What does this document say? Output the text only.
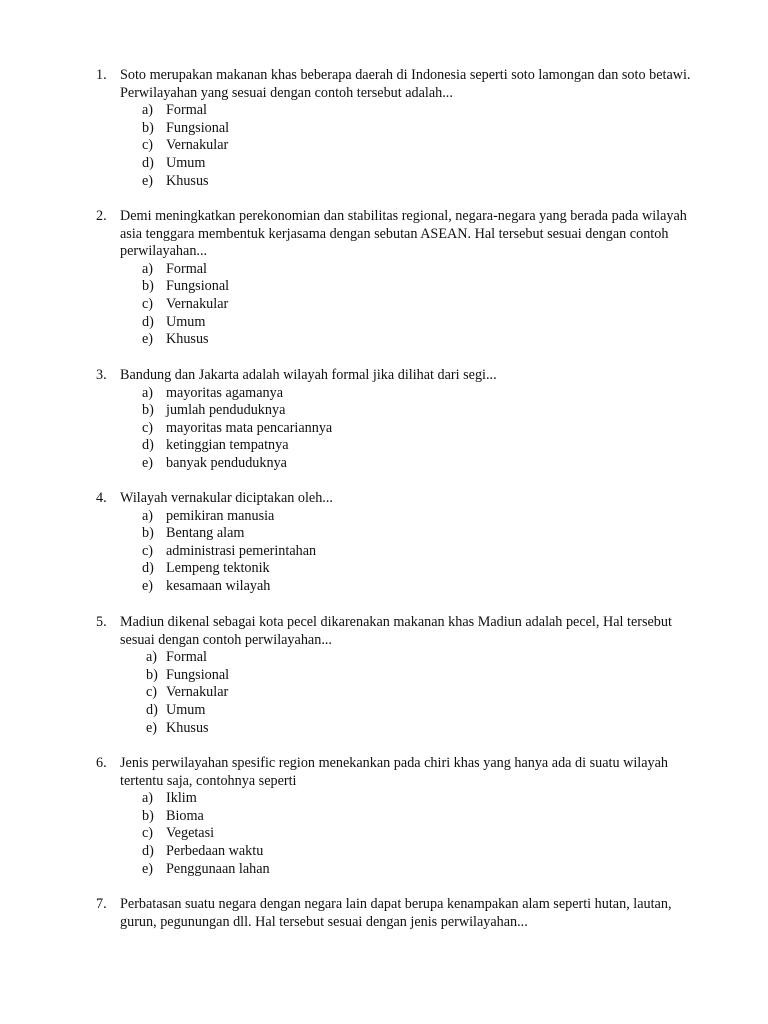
1. Soto merupakan makanan khas beberapa daerah di Indonesia seperti soto lamongan dan soto betawi. Perwilayahan yang sesuai dengan contoh tersebut adalah...
a) Formal
b) Fungsional
c) Vernakular
d) Umum
e) Khusus
2. Demi meningkatkan perekonomian dan stabilitas regional, negara-negara yang berada pada wilayah asia tenggara membentuk kerjasama dengan sebutan ASEAN. Hal tersebut sesuai dengan contoh perwilayahan...
a) Formal
b) Fungsional
c) Vernakular
d) Umum
e) Khusus
3. Bandung dan Jakarta adalah wilayah formal jika dilihat dari segi...
a) mayoritas agamanya
b) jumlah penduduknya
c) mayoritas mata pencariannya
d) ketinggian tempatnya
e) banyak penduduknya
4. Wilayah vernakular diciptakan oleh...
a) pemikiran manusia
b) Bentang alam
c) administrasi pemerintahan
d) Lempeng tektonik
e) kesamaan wilayah
5. Madiun dikenal sebagai kota pecel dikarenakan makanan khas Madiun adalah pecel, Hal tersebut sesuai dengan contoh perwilayahan...
a) Formal
b) Fungsional
c) Vernakular
d) Umum
e) Khusus
6. Jenis perwilayahan spesific region menekankan pada chiri khas yang hanya ada di suatu wilayah tertentu saja, contohnya seperti
a) Iklim
b) Bioma
c) Vegetasi
d) Perbedaan waktu
e) Penggunaan lahan
7. Perbatasan suatu negara dengan negara lain dapat berupa kenampakan alam seperti hutan, lautan, gurun, pegunungan dll. Hal tersebut sesuai dengan jenis perwilayahan...
